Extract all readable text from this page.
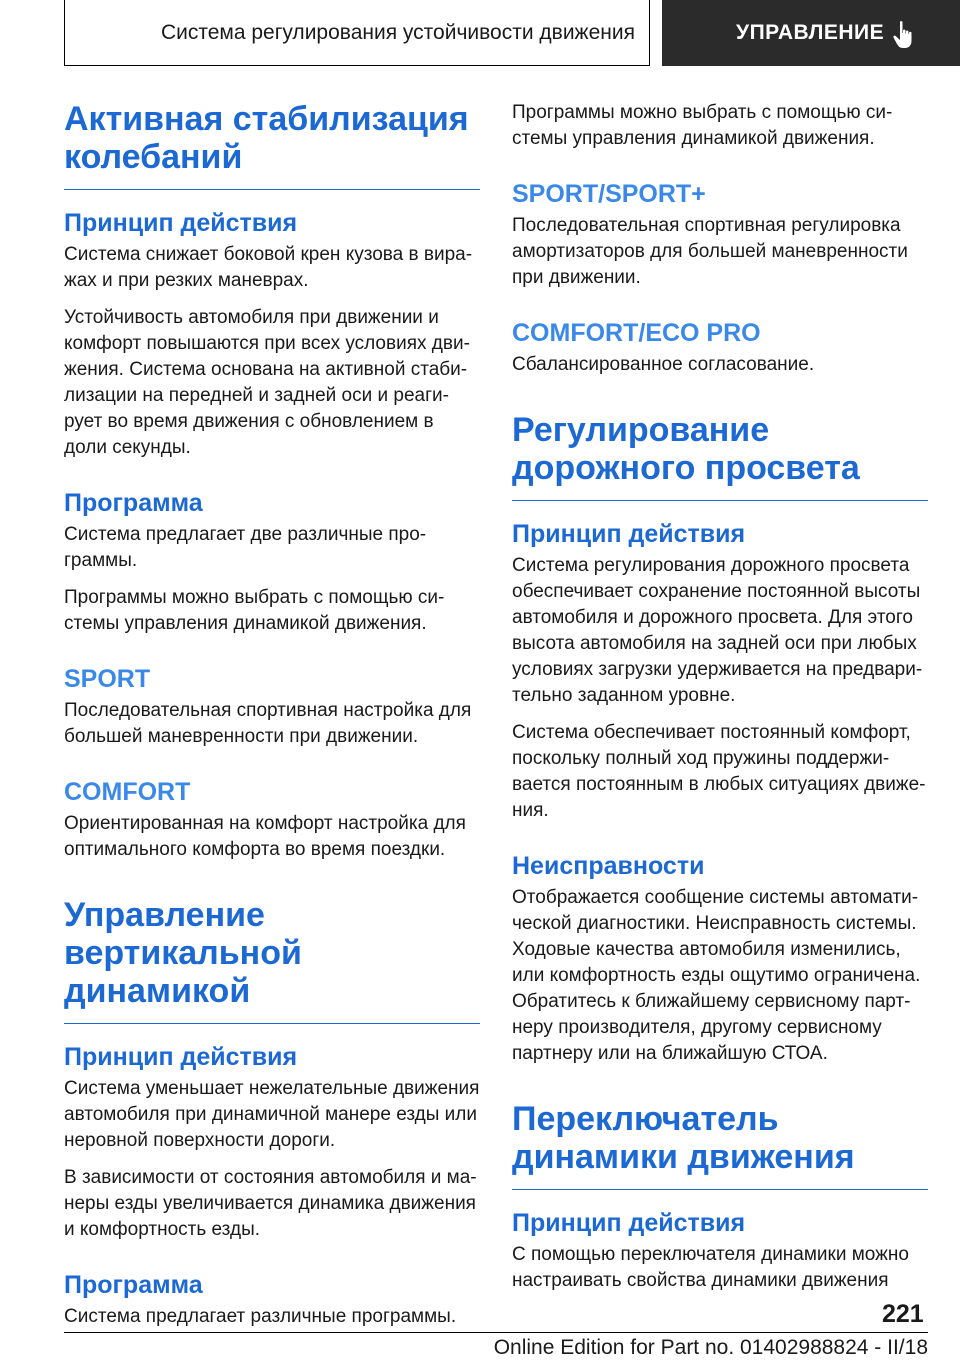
Система регулирования устойчивости движения	УПРАВЛЕНИЕ
Активная стабилизация колебаний
Принцип действия
Система снижает боковой крен кузова в вира-жах и при резких маневрах.
Устойчивость автомобиля при движении и комфорт повышаются при всех условиях дви-жения. Система основана на активной стаби-лизации на передней и задней оси и реаги-рует во время движения с обновлением в доли секунды.
Программа
Система предлагает две различные про-граммы.
Программы можно выбрать с помощью си-стемы управления динамикой движения.
SPORT
Последовательная спортивная настройка для большей маневренности при движении.
COMFORT
Ориентированная на комфорт настройка для оптимального комфорта во время поездки.
Управление вертикальной динамикой
Принцип действия
Система уменьшает нежелательные движения автомобиля при динамичной манере езды или неровной поверхности дороги.
В зависимости от состояния автомобиля и ма-неры езды увеличивается динамика движения и комфортность езды.
Программа
Система предлагает различные программы.
Программы можно выбрать с помощью си-стемы управления динамикой движения.
SPORT/SPORT+
Последовательная спортивная регулировка амортизаторов для большей маневренности при движении.
COMFORT/ECO PRO
Сбалансированное согласование.
Регулирование дорожного просвета
Принцип действия
Система регулирования дорожного просвета обеспечивает сохранение постоянной высоты автомобиля и дорожного просвета. Для этого высота автомобиля на задней оси при любых условиях загрузки удерживается на предвари-тельно заданном уровне.
Система обеспечивает постоянный комфорт, поскольку полный ход пружины поддержи-вается постоянным в любых ситуациях движе-ния.
Неисправности
Отображается сообщение системы автомати-ческой диагностики. Неисправность системы. Ходовые качества автомобиля изменились, или комфортность езды ощутимо ограничена. Обратитесь к ближайшему сервисному парт-неру производителя, другому сервисному партнеру или на ближайшую СТОА.
Переключатель динамики движения
Принцип действия
С помощью переключателя динамики можно настраивать свойства динамики движения
221
Online Edition for Part no. 01402988824 - II/18
